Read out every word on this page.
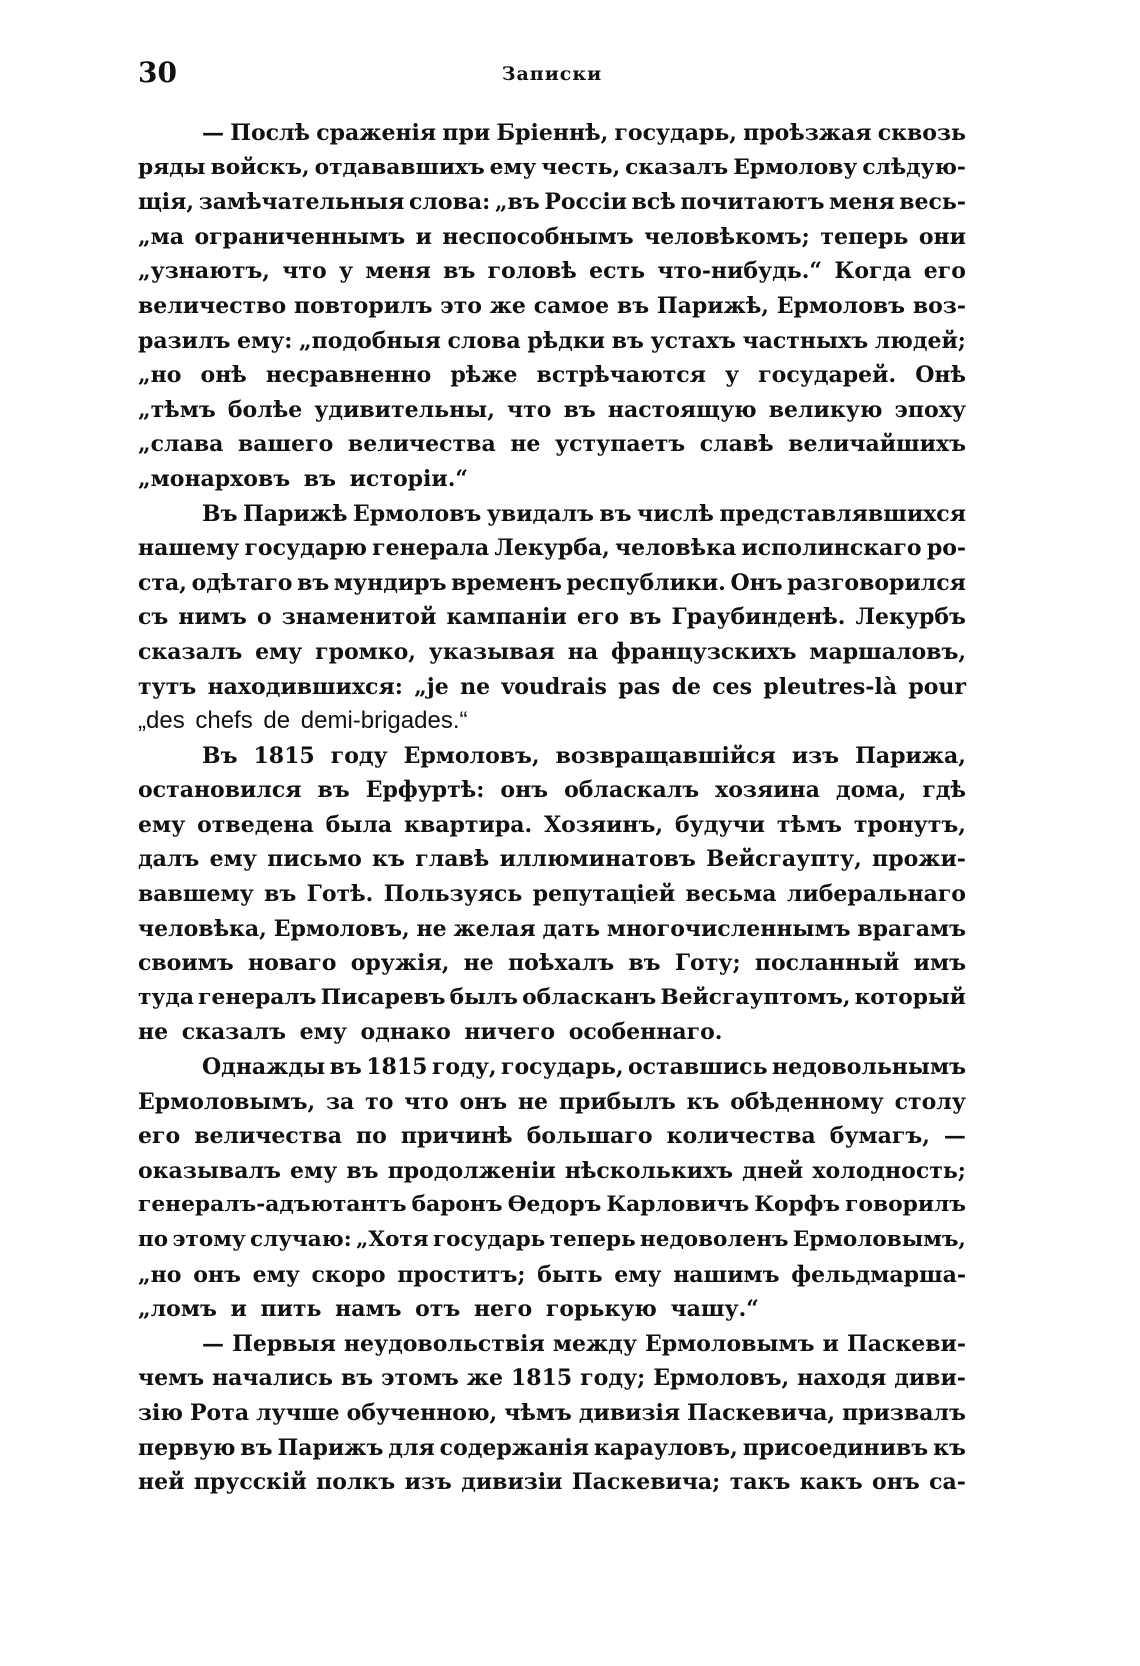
30	Записки
— Послѣ сраженія при Бріеннѣ, государь, проѣзжая сквозь
ряды войскъ, отдававшихъ ему честь, сказалъ Ермолову слѣдую-
щія, замѣчательныя слова: „въ Россіи всѣ почитаютъ меня весь-
„ма ограниченнымъ и неспособнымъ человѣкомъ; теперь они
„узнаютъ, что у меня въ головѣ есть что-нибудь.“ Когда его
величество повторилъ это же самое въ Парижѣ, Ермоловъ воз-
разилъ ему: „подобныя слова рѣдки въ устахъ частныхъ людей;
„но онѣ несравненно рѣже встрѣчаются у государей. Онѣ
„тѣмъ болѣе удивительны, что въ настоящую великую эпоху
„слава вашего величества не уступаетъ славѣ величайшихъ
„монарховъ въ исторіи.“
Въ Парижѣ Ермоловъ увидалъ въ числѣ представлявшихся
нашему государю генерала Лекурба, человѣка исполинскаго ро-
ста, одѣтаго въ мундиръ временъ республики. Онъ разговорился
съ нимъ о знаменитой кампаніи его въ Граубинденѣ. Лекурбъ
сказалъ ему громко, указывая на французскихъ маршаловъ,
тутъ находившихся: „je ne voudrais pas de ces pleutres-là pour
„des chefs de demi-brigades.“
Въ 1815 году Ермоловъ, возвращавшійся изъ Парижа,
остановился въ Ерфуртѣ: онъ обласкалъ хозяина дома, гдѣ
ему отведена была квартира. Хозяинъ, будучи тѣмъ тронутъ,
далъ ему письмо къ главѣ иллюминатовъ Вейсгаупту, прожи-
вавшему въ Готѣ. Пользуясь репутаціей весьма либеральнаго
человѣка, Ермоловъ, не желая дать многочисленнымъ врагамъ
своимъ новаго оружія, не поѣхалъ въ Готу; посланный имъ
туда генералъ Писаревъ былъ обласканъ Вейсгауптомъ, который
не сказалъ ему однако ничего особеннаго.
Однажды въ 1815 году, государь, оставшись недовольнымъ
Ермоловымъ, за то что онъ не прибылъ къ обѣденному столу
его величества по причинѣ большаго количества бумагъ, —
оказывалъ ему въ продолженіи нѣсколькихъ дней холодность;
генералъ-адъютантъ баронъ Ѳедоръ Карловичъ Корфъ говорилъ
по этому случаю: „Хотя государь теперь недоволенъ Ермоловымъ,
„но онъ ему скоро проститъ; быть ему нашимъ фельдмарша-
„ломъ и пить намъ отъ него горькую чашу.“
— Первыя неудовольствія между Ермоловымъ и Паскеви-
чемъ начались въ этомъ же 1815 году; Ермоловъ, находя диви-
зію Рота лучше обученною, чѣмъ дивизія Паскевича, призвалъ
первую въ Парижъ для содержанія карауловъ, присоединивъ къ
ней прусскій полкъ изъ дивизіи Паскевича; такъ какъ онъ са-
